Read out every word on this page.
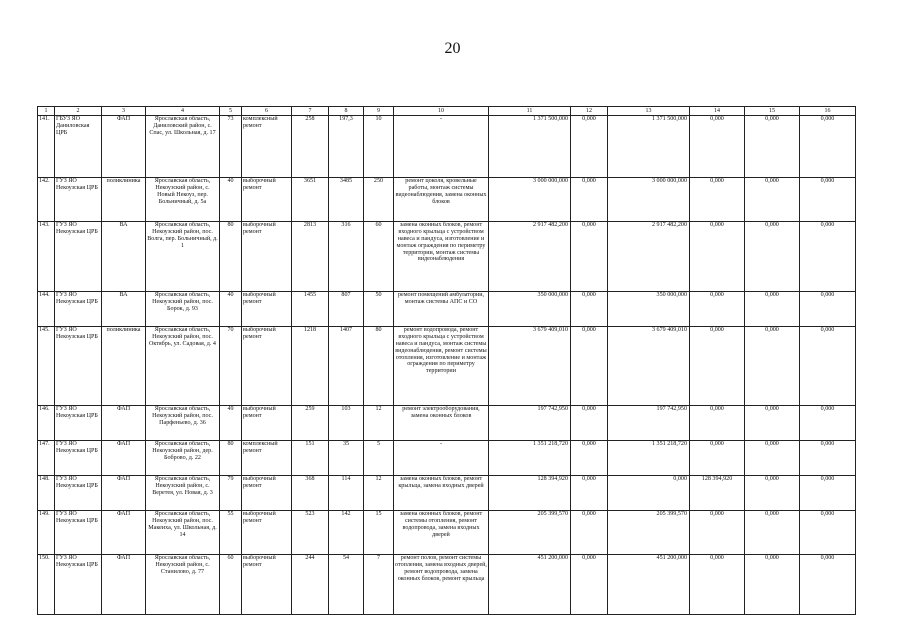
20
1	2	3	4	5	6	7	8	9	10	11	12	13	14	15	16
141.	ГБУЗ ЯО Даниловская ЦРБ	ФАП	Ярославская область, Даниловский район, с. Спас, ул. Школьная, д. 17	73	комплексный ремонт	258	197,3	10	-	1 371 500,000	0,000	1 371 500,000	0,000	0,000	0,000
142.	ГУЗ ЯО Некоузская ЦРБ	поликлиника	Ярославская область, Некоузский район, с. Новый Некоуз, пер. Больничный, д. 5а	40	выборочный ремонт	3651	3485	250	ремонт цоколя, кровельные работы, монтаж системы видеонаблюдения, замена оконных блоков	3 000 000,000	0,000	3 000 000,000	0,000	0,000	0,000
143.	ГУЗ ЯО Некоузская ЦРБ	ВА	Ярославская область, Некоузский район, пос. Волга, пер. Больничный, д. 1	80	выборочный ремонт	2813	316	60	замена оконных блоков, ремонт входного крыльца с устройством навеса и пандуса, изготовление и монтаж ограждения по периметру территории, монтаж системы видеонаблюдения	2 917 482,200	0,000	2 917 482,200	0,000	0,000	0,000
144.	ГУЗ ЯО Некоузская ЦРБ	ВА	Ярославская область, Некоузский район, пос. Борок, д. 93	40	выборочный ремонт	1455	807	50	ремонт помещений амбулатории, монтаж системы АПС и СО	350 000,000	0,000	350 000,000	0,000	0,000	0,000
145.	ГУЗ ЯО Некоузская ЦРБ	поликлиника	Ярославская область, Некоузский район, пос. Октябрь, ул. Садовая, д. 4	70	выборочный ремонт	1218	1407	80	ремонт водопровода, ремонт входного крыльца с устройством навеса и пандуса, монтаж системы видеонаблюдения, ремонт системы отопления, изготовление и монтаж ограждения по периметру территории	3 679 409,010	0,000	3 679 409,010	0,000	0,000	0,000
146.	ГУЗ ЯО Некоузская ЦРБ	ФАП	Ярославская область, Некоузский район, пос. Парфеньево, д. 36	49	выборочный ремонт	259	103	12	ремонт электрооборудования, замена оконных блоков	197 742,950	0,000	197 742,950	0,000	0,000	0,000
147.	ГУЗ ЯО Некоузская ЦРБ	ФАП	Ярославская область, Некоузский район, дер. Бобровo, д. 22	80	комплексный ремонт	151	35	5	-	1 351 218,720	0,000	1 351 218,720	0,000	0,000	0,000
148.	ГУЗ ЯО Некоузская ЦРБ	ФАП	Ярославская область, Некоузский район, с. Веретея, ул. Новая, д. 3	79	выборочный ремонт	368	114	12	замена оконных блоков, ремонт крыльца, замена входных дверей	128 394,920	0,000	0,000	128 394,920	0,000	0,000
149.	ГУЗ ЯО Некоузская ЦРБ	ФАП	Ярославская область, Некоузский район, пос. Макеиха, ул. Школьная, д. 14	55	выборочный ремонт	523	142	15	замена оконных блоков, ремонт системы отопления, ремонт водопровода, замена входных дверей	205 399,570	0,000	205 399,570	0,000	0,000	0,000
150.	ГУЗ ЯО Некоузская ЦРБ	ФАП	Ярославская область, Некоузский район, с. Станилово, д. 77	60	выборочный ремонт	244	54	7	ремонт полов, ремонт системы отопления, замена входных дверей, ремонт водопровода, замена оконных блоков, ремонт крыльца	451 200,000	0,000	451 200,000	0,000	0,000	0,000
